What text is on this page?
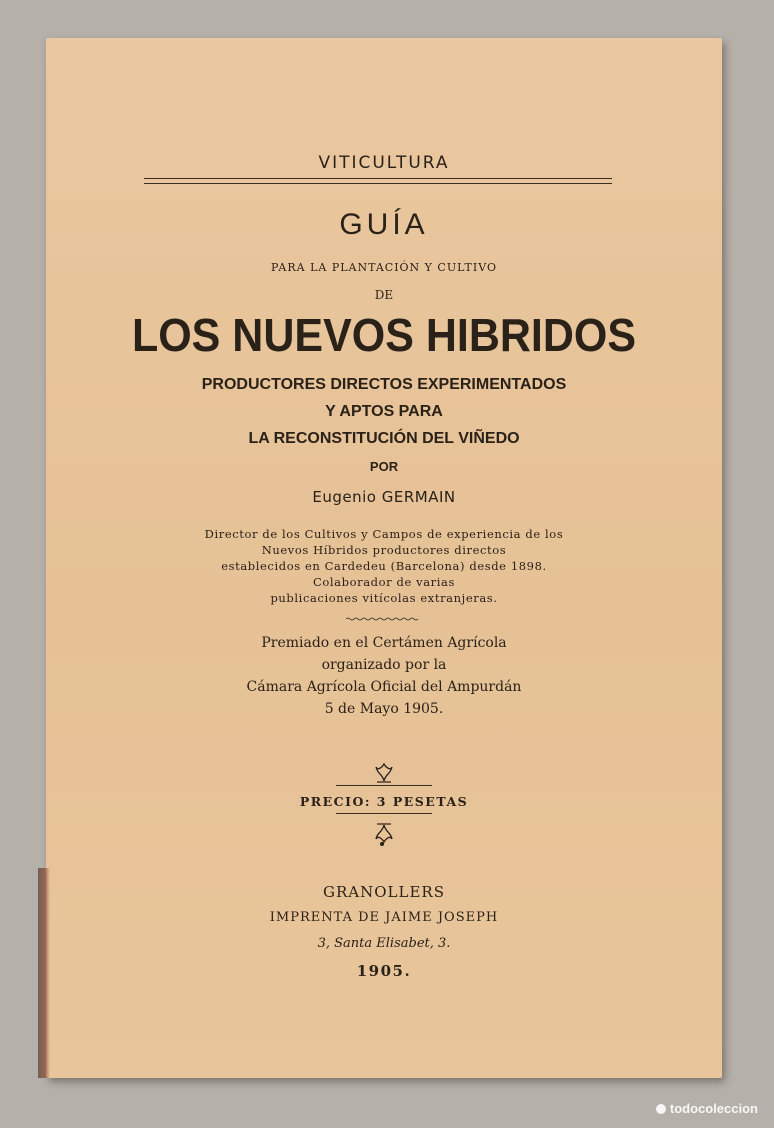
VITICULTURA
GUÍA
PARA LA PLANTACIÓN Y CULTIVO
DE
LOS NUEVOS HIBRIDOS
PRODUCTORES DIRECTOS EXPERIMENTADOS
Y APTOS PARA
LA RECONSTITUCIÓN DEL VIÑEDO
POR
Eugenio GERMAIN
Director de los Cultivos y Campos de experiencia de los
Nuevos Híbridos productores directos
establecidos en Cardedeu (Barcelona) desde 1898.
Colaborador de varias
publicaciones vitícolas extranjeras.
Premiado en el Certámen Agrícola
organizado por la
Cámara Agrícola Oficial del Ampurdán
5 de Mayo 1905.
PRECIO: 3 PESETAS
GRANOLLERS
IMPRENTA DE JAIME JOSEPH
3, Santa Elisabet, 3.
1905.
todocoleccion
